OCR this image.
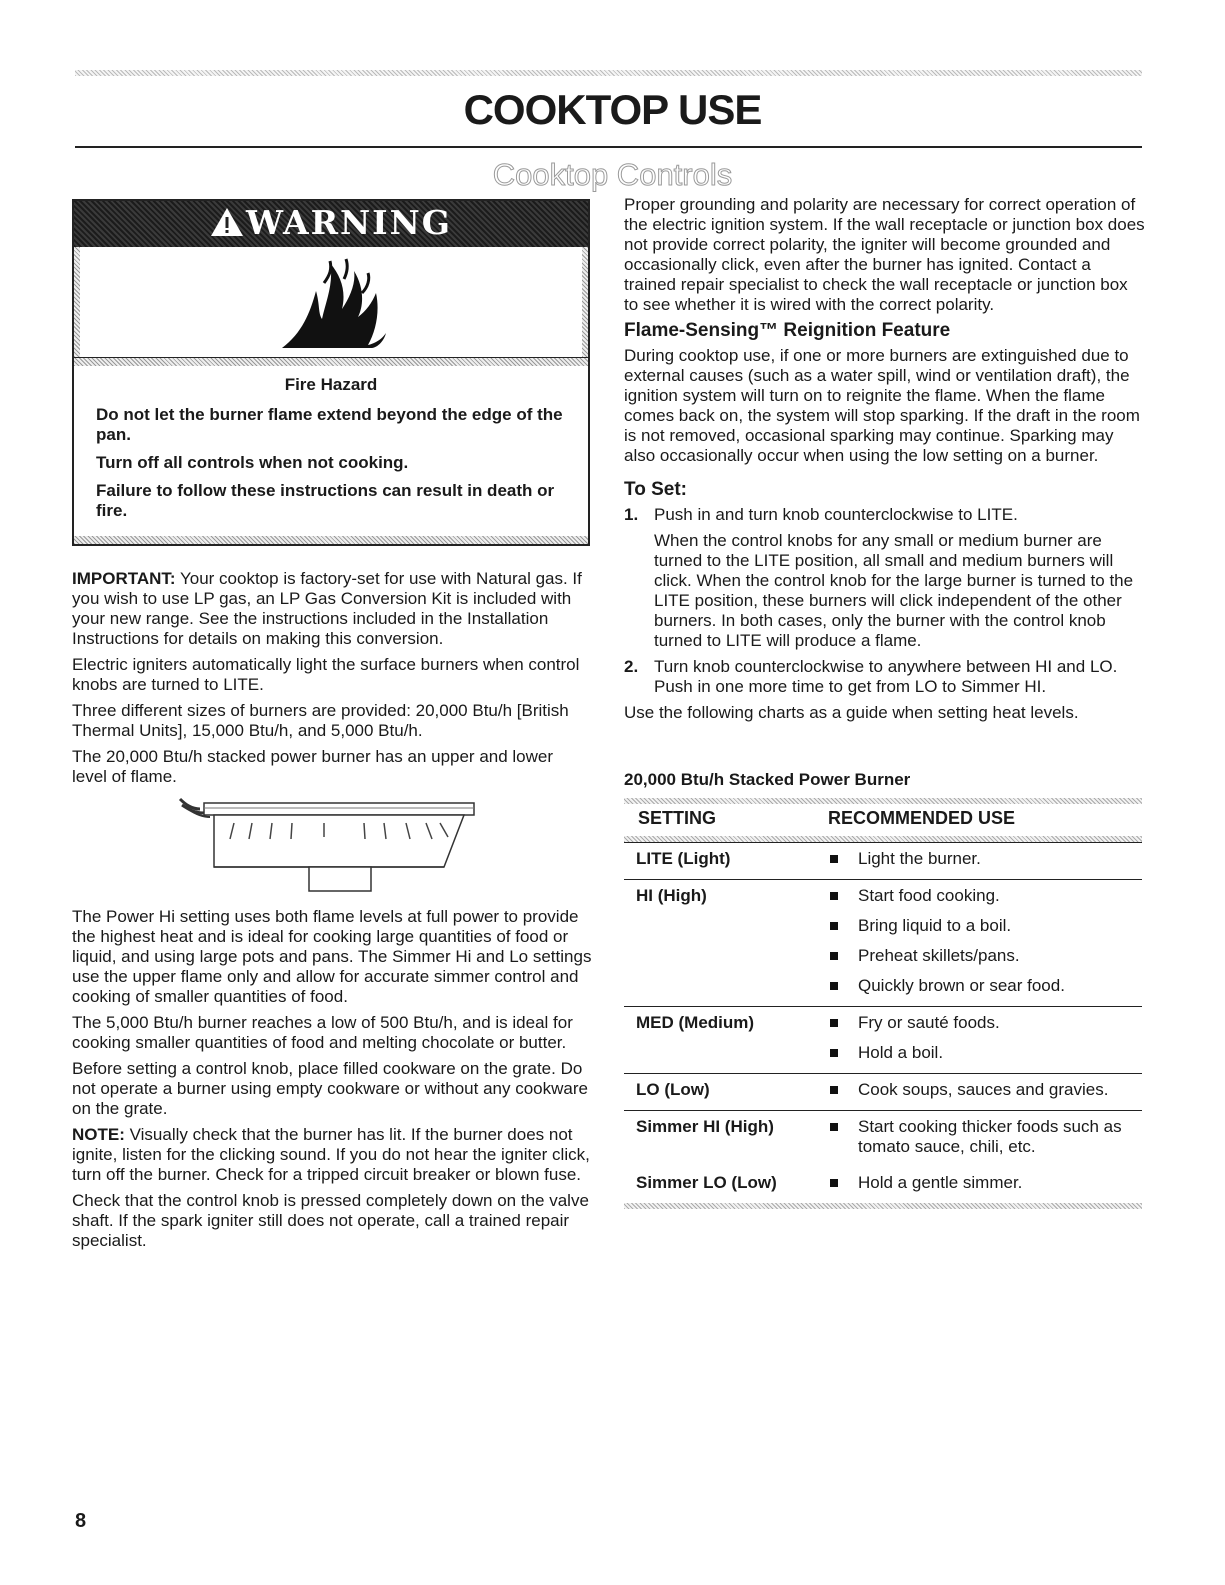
COOKTOP USE
Cooktop Controls
WARNING
Fire Hazard
Do not let the burner flame extend beyond the edge of the pan.
Turn off all controls when not cooking.
Failure to follow these instructions can result in death or fire.

IMPORTANT: Your cooktop is factory-set for use with Natural gas. If you wish to use LP gas, an LP Gas Conversion Kit is included with your new range. See the instructions included in the Installation Instructions for details on making this conversion.

Electric igniters automatically light the surface burners when control knobs are turned to LITE.

Three different sizes of burners are provided: 20,000 Btu/h [British Thermal Units], 15,000 Btu/h, and 5,000 Btu/h.

The 20,000 Btu/h stacked power burner has an upper and lower level of flame.

The Power Hi setting uses both flame levels at full power to provide the highest heat and is ideal for cooking large quantities of food or liquid, and using large pots and pans. The Simmer Hi and Lo settings use the upper flame only and allow for accurate simmer control and cooking of smaller quantities of food.

The 5,000 Btu/h burner reaches a low of 500 Btu/h, and is ideal for cooking smaller quantities of food and melting chocolate or butter.

Before setting a control knob, place filled cookware on the grate. Do not operate a burner using empty cookware or without any cookware on the grate.

NOTE: Visually check that the burner has lit. If the burner does not ignite, listen for the clicking sound. If you do not hear the igniter click, turn off the burner. Check for a tripped circuit breaker or blown fuse.

Check that the control knob is pressed completely down on the valve shaft. If the spark igniter still does not operate, call a trained repair specialist.

Proper grounding and polarity are necessary for correct operation of the electric ignition system. If the wall receptacle or junction box does not provide correct polarity, the igniter will become grounded and occasionally click, even after the burner has ignited. Contact a trained repair specialist to check the wall receptacle or junction box to see whether it is wired with the correct polarity.

Flame-Sensing™ Reignition Feature

During cooktop use, if one or more burners are extinguished due to external causes (such as a water spill, wind or ventilation draft), the ignition system will turn on to reignite the flame. When the flame comes back on, the system will stop sparking. If the draft in the room is not removed, occasional sparking may continue. Sparking may also occasionally occur when using the low setting on a burner.

To Set:
1. Push in and turn knob counterclockwise to LITE.

When the control knobs for any small or medium burner are turned to the LITE position, all small and medium burners will click. When the control knob for the large burner is turned to the LITE position, these burners will click independent of the other burners. In both cases, only the burner with the control knob turned to LITE will produce a flame.

2. Turn knob counterclockwise to anywhere between HI and LO. Push in one more time to get from LO to Simmer HI.

Use the following charts as a guide when setting heat levels.

20,000 Btu/h Stacked Power Burner
SETTING	RECOMMENDED USE
LITE (Light)	Light the burner.
HI (High)	Start food cooking.
Bring liquid to a boil.
Preheat skillets/pans.
Quickly brown or sear food.
MED (Medium)	Fry or sauté foods.
Hold a boil.
LO (Low)	Cook soups, sauces and gravies.
Simmer HI (High)	Start cooking thicker foods such as tomato sauce, chili, etc.
Simmer LO (Low)	Hold a gentle simmer.
8
